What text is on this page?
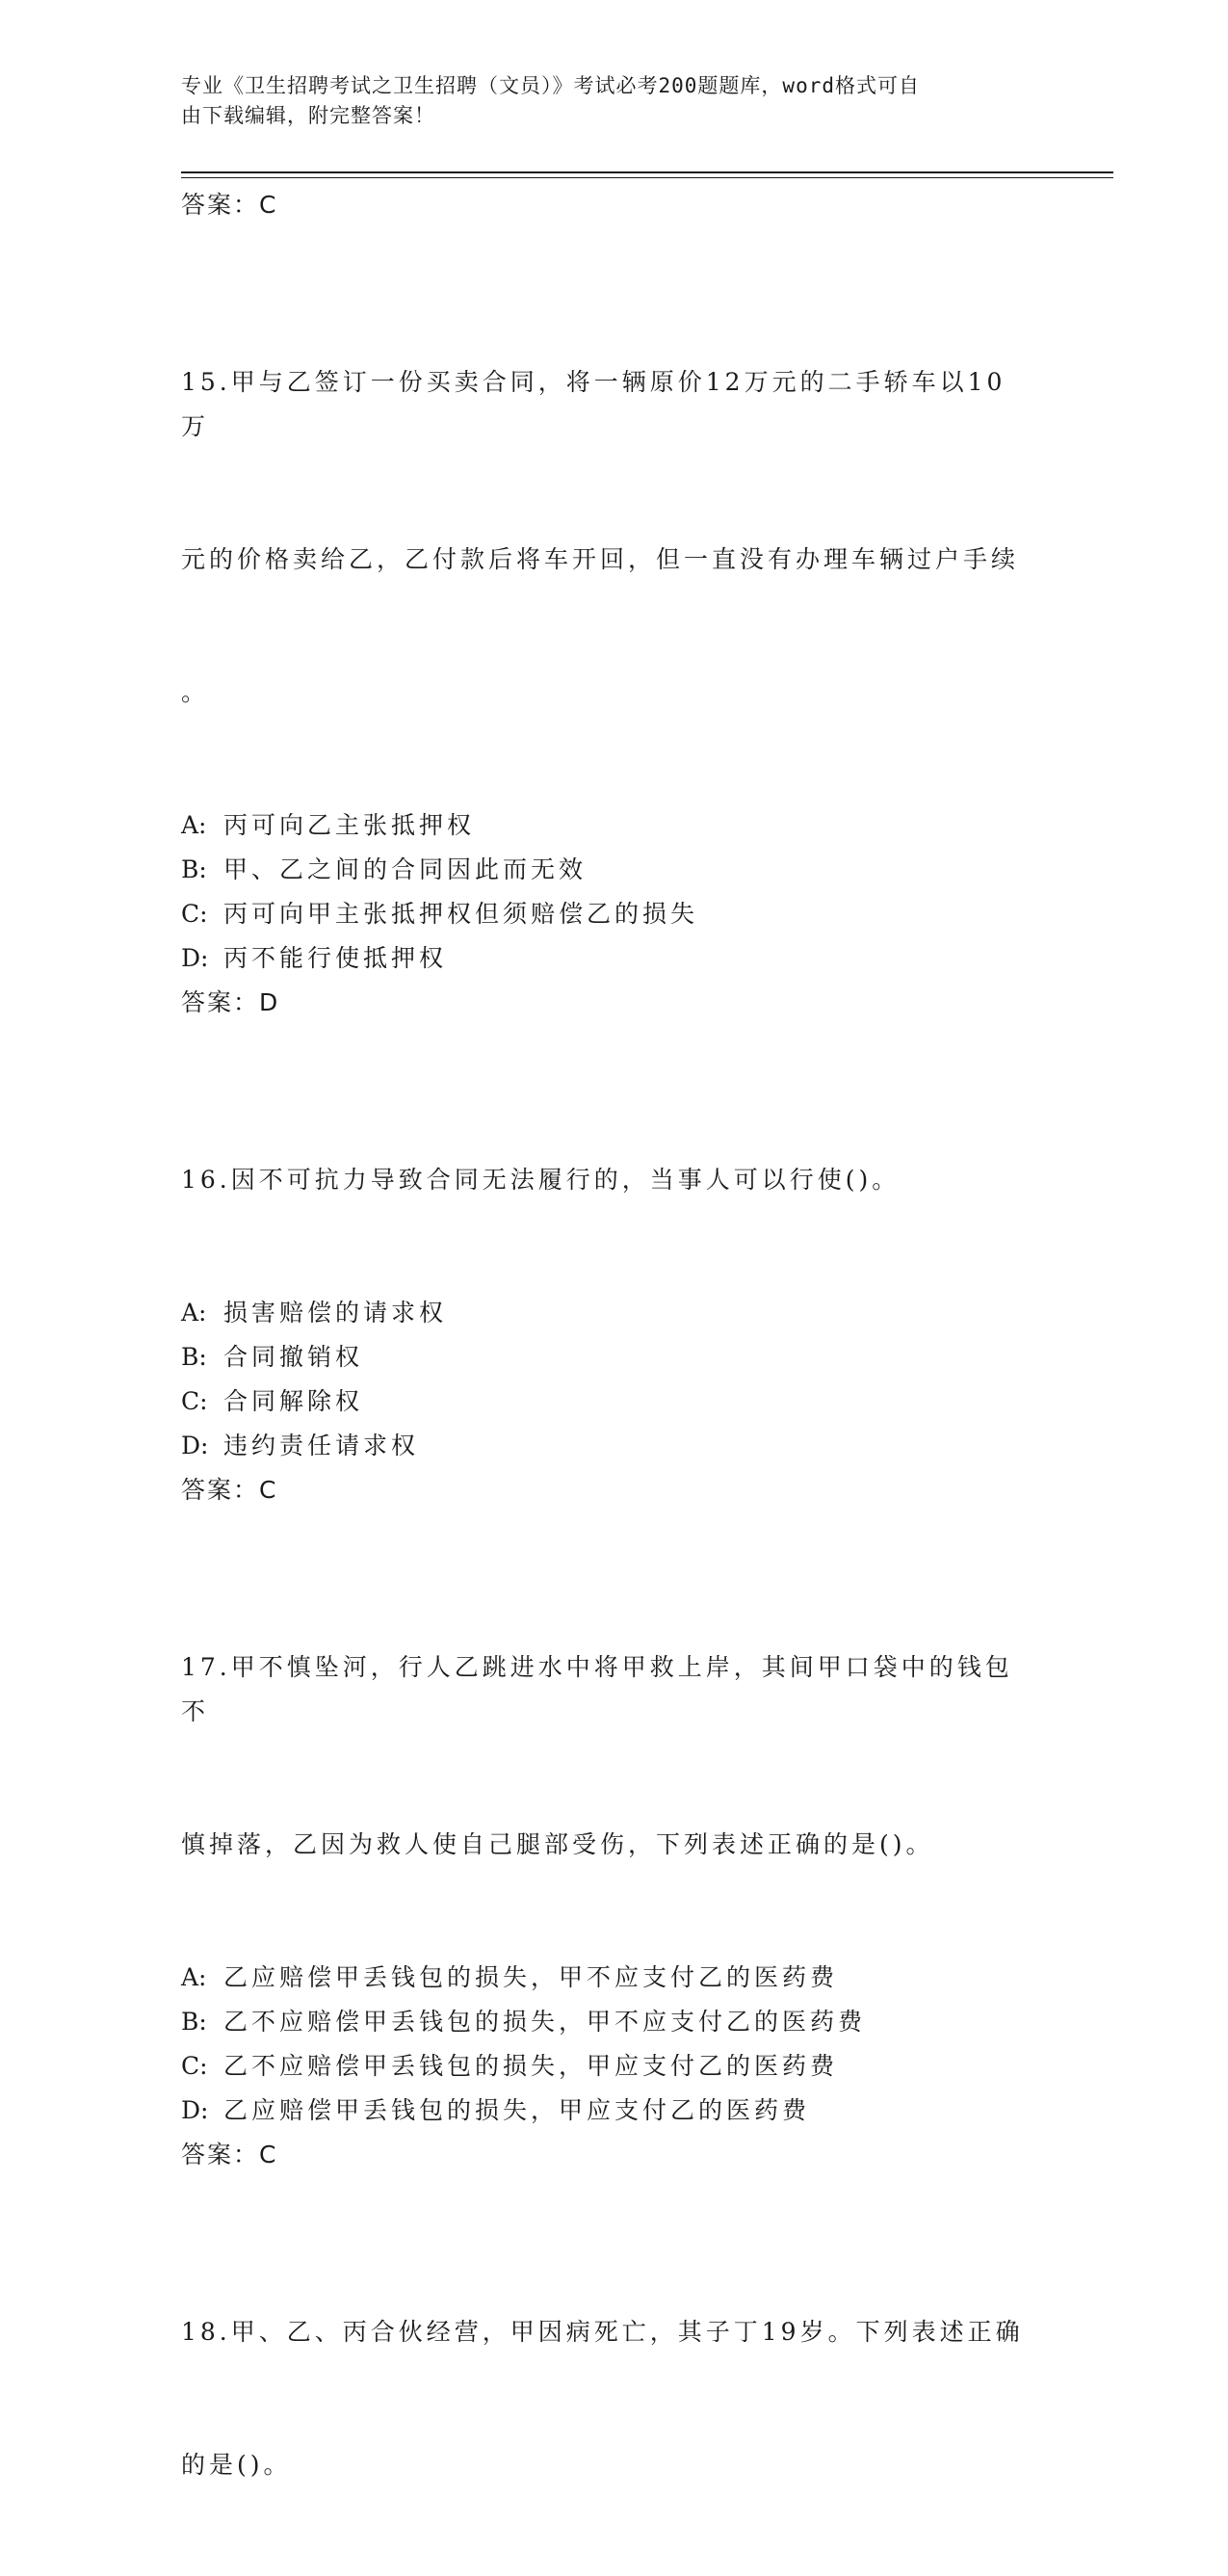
专业《卫生招聘考试之卫生招聘（文员）》考试必考200题题库，word格式可自
由下载编辑，附完整答案！
答案：C

15.甲与乙签订一份买卖合同，将一辆原价12万元的二手轿车以10万

元的价格卖给乙，乙付款后将车开回，但一直没有办理车辆过户手续

。

A: 丙可向乙主张抵押权
B: 甲、乙之间的合同因此而无效
C: 丙可向甲主张抵押权但须赔偿乙的损失
D: 丙不能行使抵押权
答案：D

16.因不可抗力导致合同无法履行的，当事人可以行使()。

A: 损害赔偿的请求权
B: 合同撤销权
C: 合同解除权
D: 违约责任请求权
答案：C

17.甲不慎坠河，行人乙跳进水中将甲救上岸，其间甲口袋中的钱包不

慎掉落，乙因为救人使自己腿部受伤，下列表述正确的是()。

A: 乙应赔偿甲丢钱包的损失，甲不应支付乙的医药费
B: 乙不应赔偿甲丢钱包的损失，甲不应支付乙的医药费
C: 乙不应赔偿甲丢钱包的损失，甲应支付乙的医药费
D: 乙应赔偿甲丢钱包的损失，甲应支付乙的医药费
答案：C

18.甲、乙、丙合伙经营，甲因病死亡，其子丁19岁。下列表述正确

的是()。
